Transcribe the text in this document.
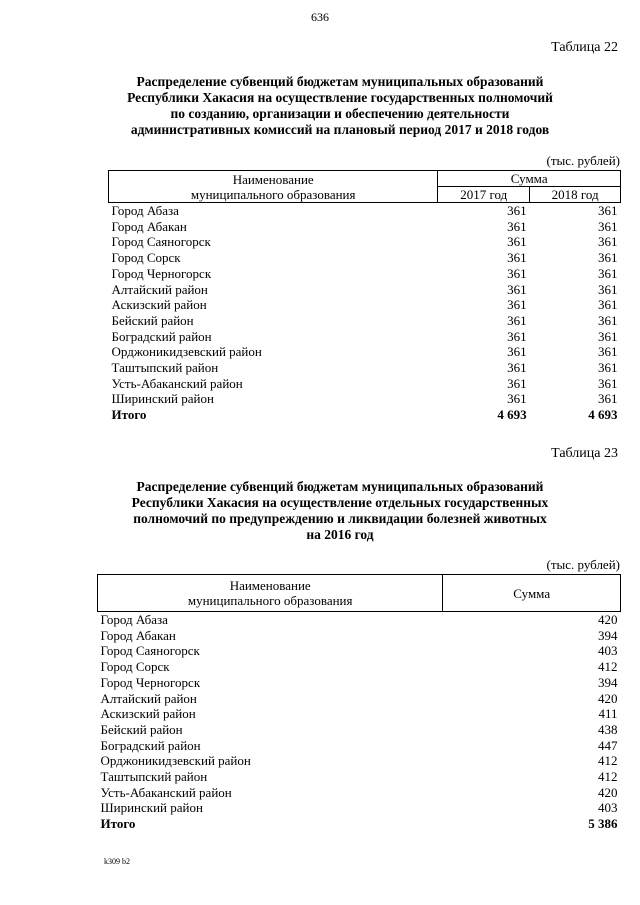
636
Таблица 22
Распределение субвенций бюджетам муниципальных образований
Республики Хакасия на осуществление государственных полномочий
по созданию, организации и обеспечению деятельности
административных комиссий на плановый период 2017 и 2018 годов
(тыс. рублей)
Наименование
муниципального образования	Сумма	
	2017 год	2018 год
Город Абаза	361	361
Город Абакан	361	361
Город Саяногорск	361	361
Город Сорск	361	361
Город Черногорск	361	361
Алтайский район	361	361
Аскизский район	361	361
Бейский район	361	361
Боградский район	361	361
Орджоникидзевский район	361	361
Таштыпский район	361	361
Усть-Абаканский район	361	361
Ширинский район	361	361
Итого	4 693	4 693
Таблица 23
Распределение субвенций бюджетам муниципальных образований
Республики Хакасия на осуществление отдельных государственных
полномочий по предупреждению и ликвидации болезней животных
на 2016 год
(тыс. рублей)
Наименование
муниципального образования	Сумма
Город Абаза	420
Город Абакан	394
Город Саяногорск	403
Город Сорск	412
Город Черногорск	394
Алтайский район	420
Аскизский район	411
Бейский район	438
Боградский район	447
Орджоникидзевский район	412
Таштыпский район	412
Усть-Абаканский район	420
Ширинский район	403
Итого	5 386
k309 b2
